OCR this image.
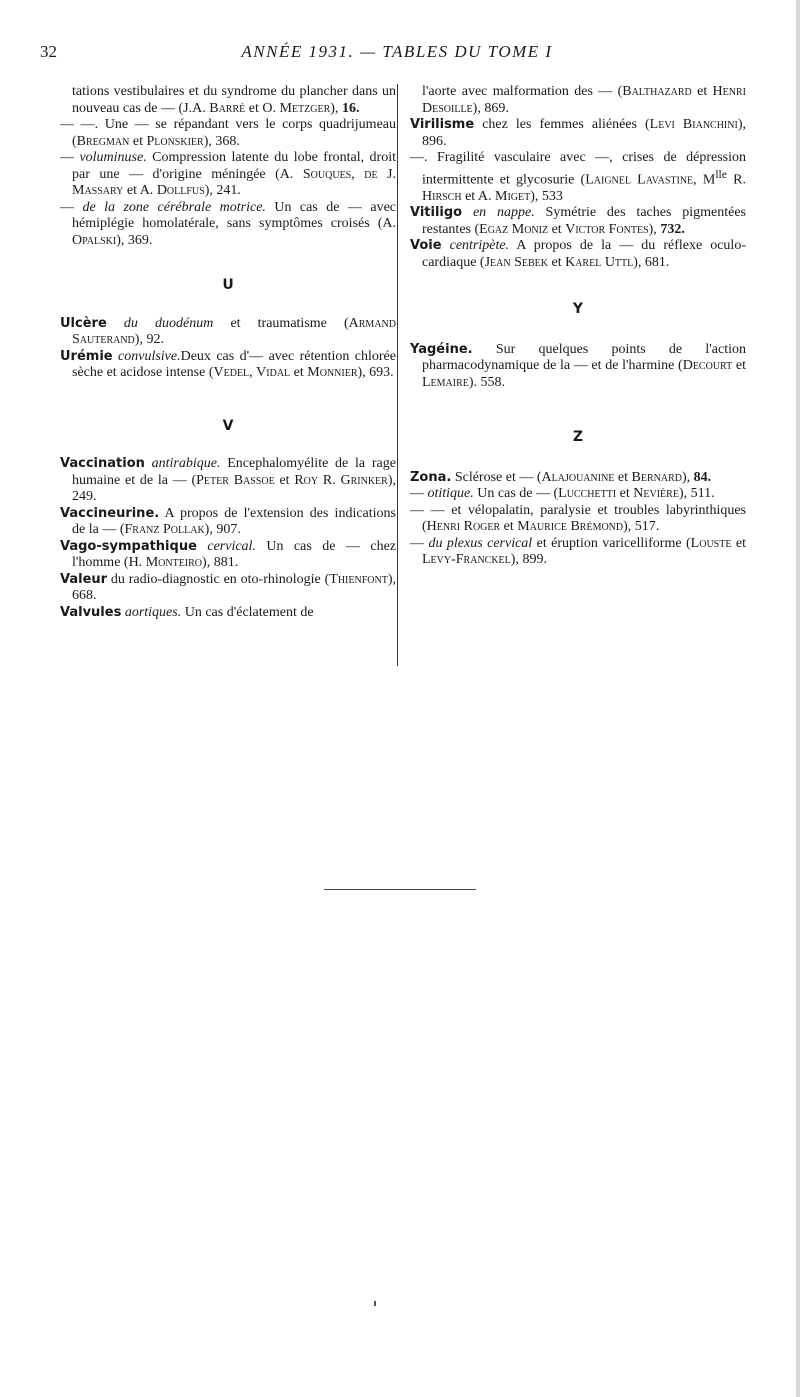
32	ANNÉE 1931. — TABLES DU TOME I

tations vestibulaires et du syndrome du plancher dans un nouveau cas de — (J.A. Barré et O. Metzger), 16.

— —. Une — se répandant vers le corps quadrijumeau (Bregman et Plonskier), 368.

— voluminuse. Compression latente du lobe frontal, droit par une — d'origine méningée (A. Souques, de J. Massary et A. Dollfus), 241.

— de la zone cérébrale motrice. Un cas de — avec hémiplégie homolatérale, sans symptômes croisés (A. Opalski), 369.

U

Ulcère du duodénum et traumatisme (Armand Sauterand), 92.

Urémie convulsive.Deux cas d'— avec rétention chlorée sèche et acidose intense (Vedel, Vidal et Monnier), 693.

V

Vaccination antirabique. Encephalomyélite de la rage humaine et de la — (Peter Bassoe et Roy R. Grinker), 249.

Vaccineurine. A propos de l'extension des indications de la — (Franz Pollak), 907.

Vago-sympathique cervical. Un cas de — chez l'homme (H. Monteiro), 881.

Valeur du radio-diagnostic en oto-rhinologie (Thienfont), 668.

Valvules aortiques. Un cas d'éclatement de

l'aorte avec malformation des — (Balthazard et Henri Desoille), 869.

Virilisme chez les femmes aliénées (Levi Bianchini), 896.

—. Fragilité vasculaire avec —, crises de dépression intermittente et glycosurie (Laignel Lavastine, $M^{lle}$ R. Hirsch et A. Miget), 533

Vitiligo en nappe. Symétrie des taches pigmentées restantes (Egaz Moniz et Victor Fontes), 732.

Voie centripète. A propos de la — du réflexe oculo-cardiaque (Jean Sebek et Karel Uttl), 681.

Y

Yagéine. Sur quelques points de l'action pharmacodynamique de la — et de l'harmine (Decourt et Lemaire). 558.

Z

Zona. Sclérose et — (Alajouanine et Bernard), 84.

— otitique. Un cas de — (Lucchetti et Nevière), 511.

— — et vélopalatin, paralysie et troubles labyrinthiques (Henri Roger et Maurice Brémond), 517.

— du plexus cervical et éruption varicelliforme (Louste et Levy-Franckel), 899.
